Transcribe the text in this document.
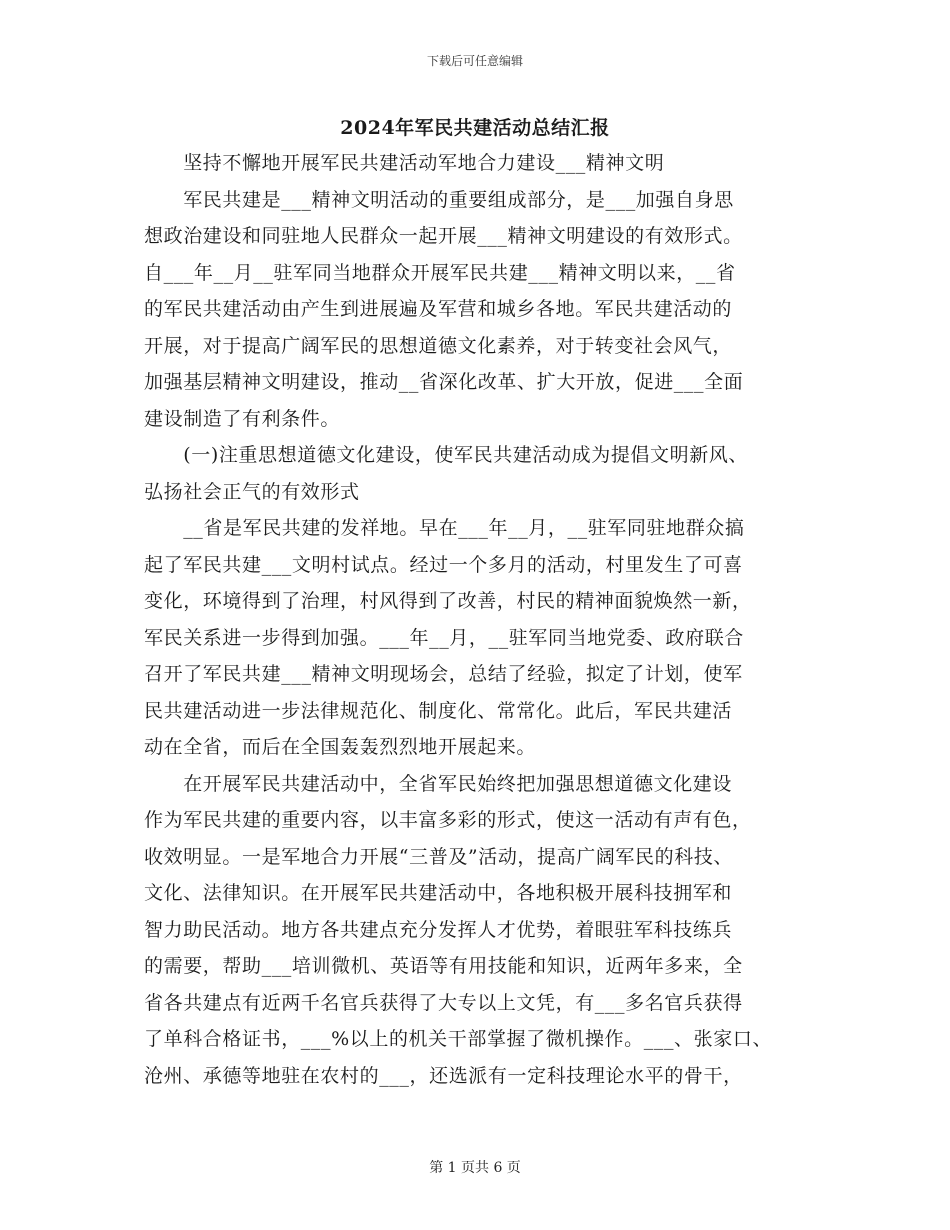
下载后可任意编辑
2024年军民共建活动总结汇报
　　坚持不懈地开展军民共建活动军地合力建设___精神文明
　　军民共建是___精神文明活动的重要组成部分，是___加强自身思
想政治建设和同驻地人民群众一起开展___精神文明建设的有效形式。
自___年__月__驻军同当地群众开展军民共建___精神文明以来，__省
的军民共建活动由产生到进展遍及军营和城乡各地。军民共建活动的
开展，对于提高广阔军民的思想道德文化素养，对于转变社会风气，
加强基层精神文明建设，推动__省深化改革、扩大开放，促进___全面
建设制造了有利条件。
　　(一)注重思想道德文化建设，使军民共建活动成为提倡文明新风、
弘扬社会正气的有效形式
　　__省是军民共建的发祥地。早在___年__月，__驻军同驻地群众搞
起了军民共建___文明村试点。经过一个多月的活动，村里发生了可喜
变化，环境得到了治理，村风得到了改善，村民的精神面貌焕然一新，
军民关系进一步得到加强。___年__月，__驻军同当地党委、政府联合
召开了军民共建___精神文明现场会，总结了经验，拟定了计划，使军
民共建活动进一步法律规范化、制度化、常常化。此后，军民共建活
动在全省，而后在全国轰轰烈烈地开展起来。
　　在开展军民共建活动中，全省军民始终把加强思想道德文化建设
作为军民共建的重要内容，以丰富多彩的形式，使这一活动有声有色，
收效明显。一是军地合力开展“三普及”活动，提高广阔军民的科技、
文化、法律知识。在开展军民共建活动中，各地积极开展科技拥军和
智力助民活动。地方各共建点充分发挥人才优势，着眼驻军科技练兵
的需要，帮助___培训微机、英语等有用技能和知识，近两年多来，全
省各共建点有近两千名官兵获得了大专以上文凭，有___多名官兵获得
了单科合格证书，___%以上的机关干部掌握了微机操作。___、张家口、
沧州、承德等地驻在农村的___，还选派有一定科技理论水平的骨干，
第 1 页共 6 页
